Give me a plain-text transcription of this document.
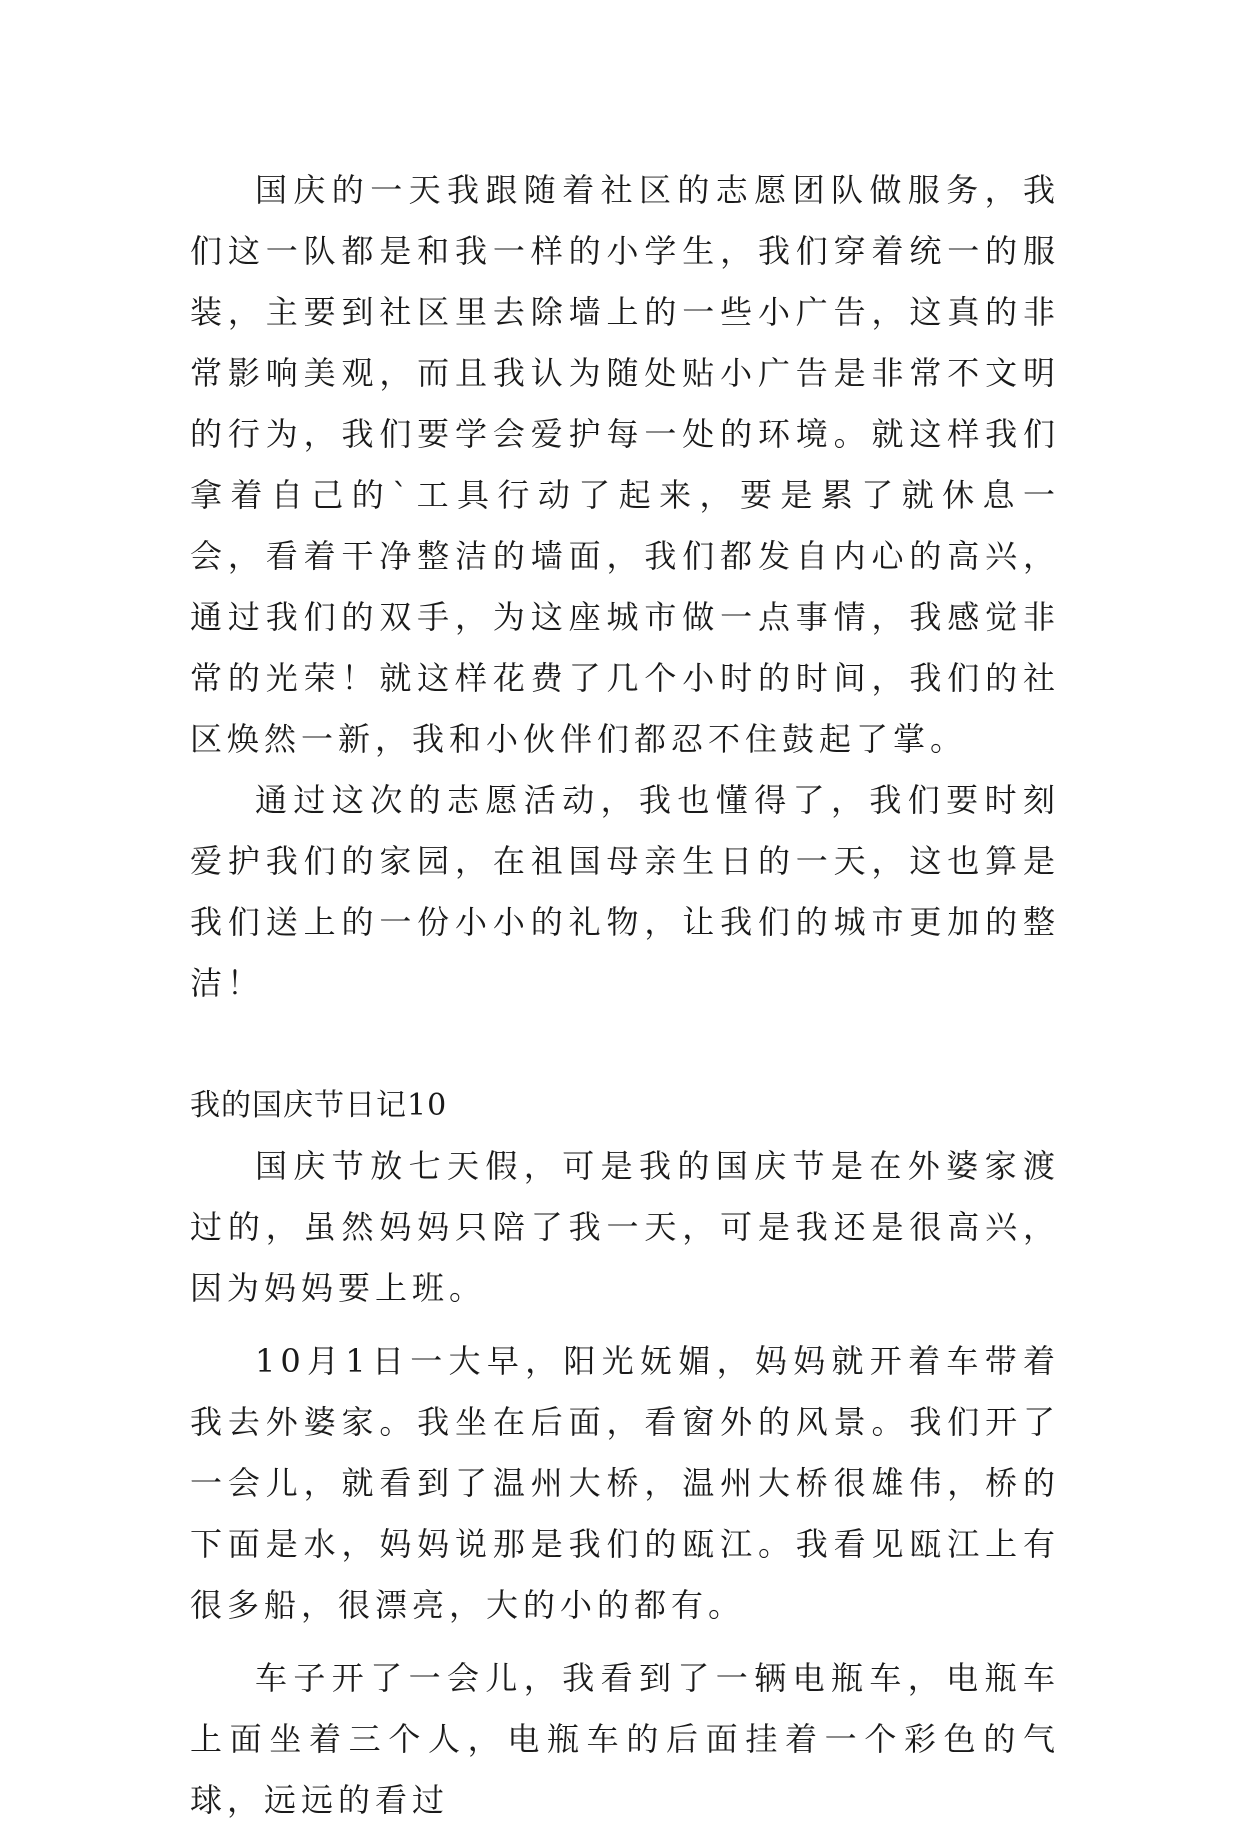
国庆的一天我跟随着社区的志愿团队做服务，我们这一队都是和我一样的小学生，我们穿着统一的服装，主要到社区里去除墙上的一些小广告，这真的非常影响美观，而且我认为随处贴小广告是非常不文明的行为，我们要学会爱护每一处的环境。就这样我们拿着自己的`工具行动了起来，要是累了就休息一会，看着干净整洁的墙面，我们都发自内心的高兴，通过我们的双手，为这座城市做一点事情，我感觉非常的光荣！就这样花费了几个小时的时间，我们的社区焕然一新，我和小伙伴们都忍不住鼓起了掌。

通过这次的志愿活动，我也懂得了，我们要时刻爱护我们的家园，在祖国母亲生日的一天，这也算是我们送上的一份小小的礼物，让我们的城市更加的整洁！

我的国庆节日记10

国庆节放七天假，可是我的国庆节是在外婆家渡过的，虽然妈妈只陪了我一天，可是我还是很高兴，因为妈妈要上班。

10月1日一大早，阳光妩媚，妈妈就开着车带着我去外婆家。我坐在后面，看窗外的风景。我们开了一会儿，就看到了温州大桥，温州大桥很雄伟，桥的下面是水，妈妈说那是我们的瓯江。我看见瓯江上有很多船，很漂亮，大的小的都有。

车子开了一会儿，我看到了一辆电瓶车，电瓶车上面坐着三个人，电瓶车的后面挂着一个彩色的气球，远远的看过
